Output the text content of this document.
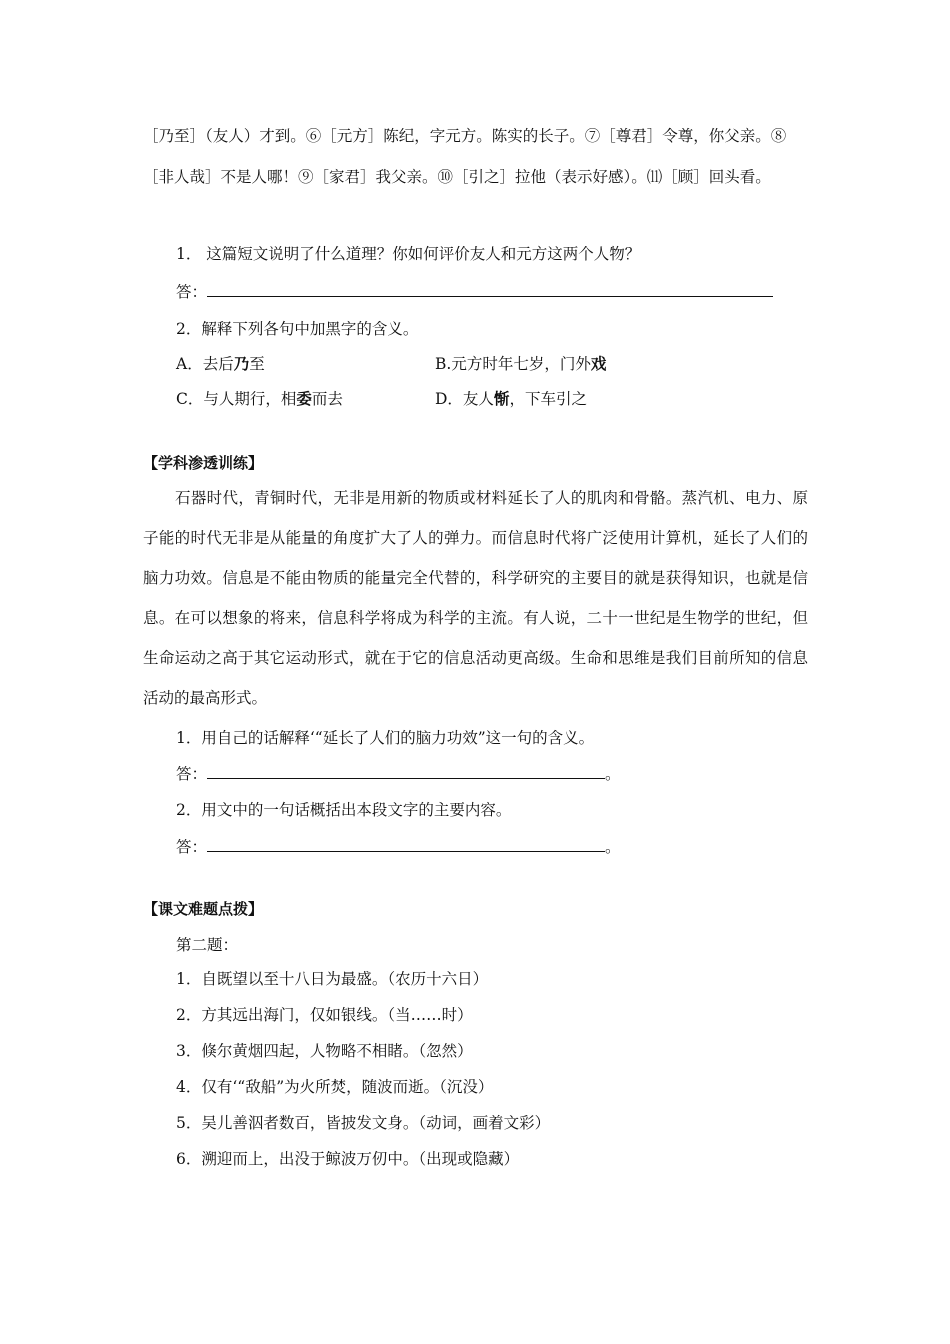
［乃至］（友人）才到。⑥［元方］陈纪，字元方。陈实的长子。⑦［尊君］令尊，你父亲。⑧［非人哉］不是人哪！⑨［家君］我父亲。⑩［引之］拉他（表示好感）。⑾［顾］回头看。
1． 这篇短文说明了什么道理？你如何评价友人和元方这两个人物？
答：
2．解释下列各句中加黑字的含义。
A．去后乃至	B.元方时年七岁，门外戏
C．与人期行，相委而去	D．友人惭，下车引之
【学科渗透训练】
石器时代，青铜时代，无非是用新的物质或材料延长了人的肌肉和骨骼。蒸汽机、电力、原子能的时代无非是从能量的角度扩大了人的弹力。而信息时代将广泛使用计算机，延长了人们的脑力功效。信息是不能由物质的能量完全代替的，科学研究的主要目的就是获得知识，也就是信息。在可以想象的将来，信息科学将成为科学的主流。有人说，二十一世纪是生物学的世纪，但生命运动之高于其它运动形式，就在于它的信息活动更高级。生命和思维是我们目前所知的信息活动的最高形式。
1．用自己的话解释‘“延长了人们的脑力功效”这一句的含义。
答：	。
2．用文中的一句话概括出本段文字的主要内容。
答：	。
【课文难题点拨】
第二题：
1．自既望以至十八日为最盛。（农历十六日）
2．方其远出海门，仅如银线。（当……时）
3．倏尔黄烟四起，人物略不相睹。（忽然）
4．仅有‘“敌船”为火所焚，随波而逝。（沉没）
5．吴儿善泅者数百，皆披发文身。（动词，画着文彩）
6．溯迎而上，出没于鲸波万仞中。（出现或隐藏）
